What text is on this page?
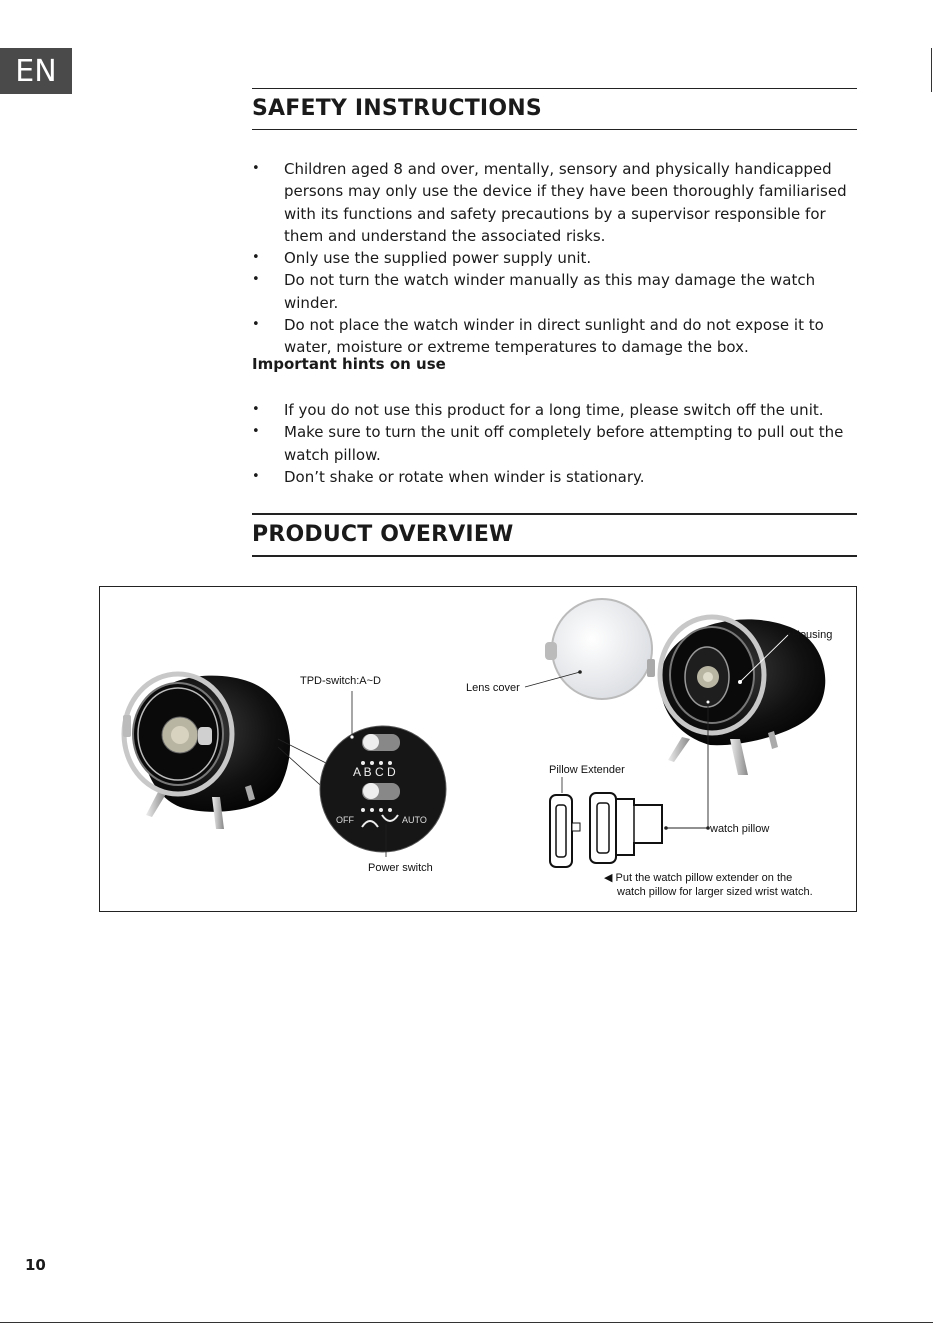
EN
SAFETY INSTRUCTIONS
• Children aged 8 and over, mentally, sensory and physically handicapped persons may only use the device if they have been thoroughly familiarised with its functions and safety precautions by a supervisor responsible for them and understand the associated risks.
• Only use the supplied power supply unit.
• Do not turn the watch winder manually as this may damage the watch winder.
• Do not place the watch winder in direct sunlight and do not expose it to water, moisture or extreme temperatures to damage the box.
Important hints on use
• If you do not use this product for a long time, please switch off the unit.
• Make sure to turn the unit off completely before attempting to pull out the watch pillow.
• Don’t shake or rotate when winder is stationary.
PRODUCT OVERVIEW
A B C D
OFF	AUTO
TPD-switch:A~D
Power switch
Lens cover
Housing
watch pillow
Pillow Extender
◀ Put the watch pillow extender on the
watch pillow for larger sized wrist watch.
10
